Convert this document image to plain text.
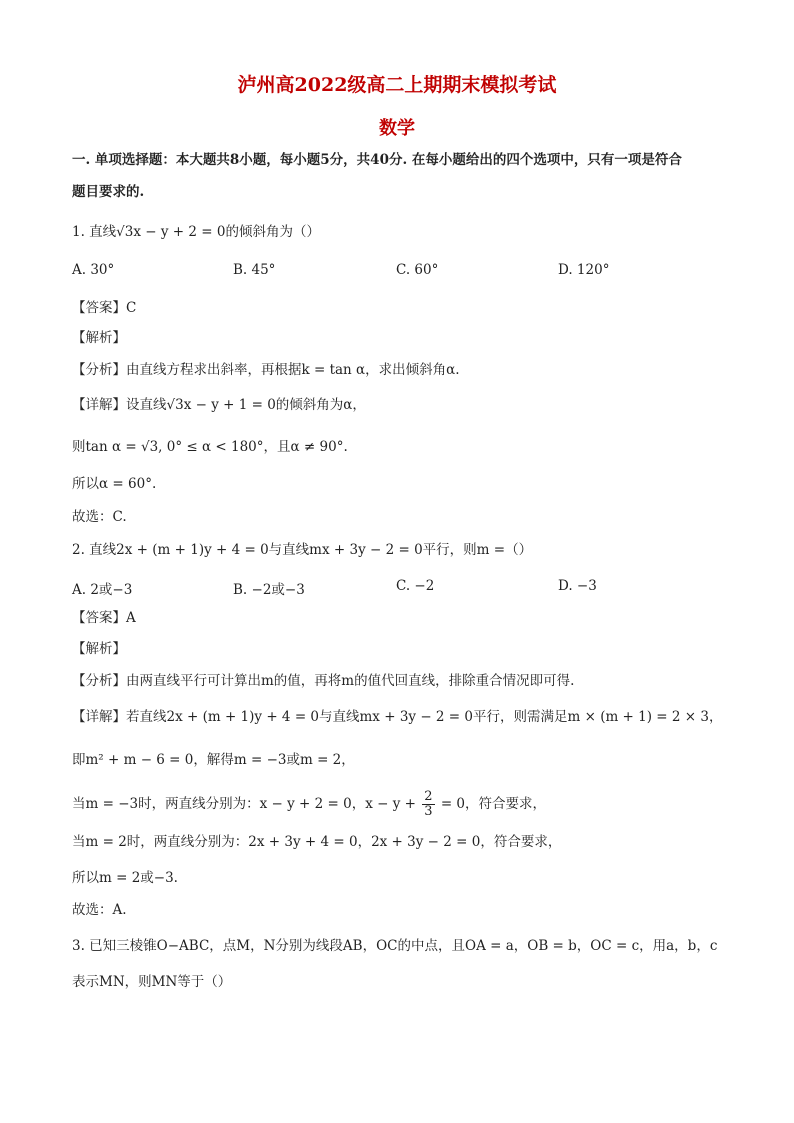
泸州高2022级高二上期期末模拟考试
数学
一. 单项选择题：本大题共8小题，每小题5分，共40分. 在每小题给出的四个选项中，只有一项是符合
题目要求的.
1. 直线√3x − y + 2 = 0的倾斜角为（）
A. 30°	B. 45°	C. 60°	D. 120°
【答案】C
【解析】
【分析】由直线方程求出斜率，再根据k = tan α，求出倾斜角α.
【详解】设直线√3x − y + 1 = 0的倾斜角为α，
则tan α = √3, 0° ≤ α < 180°，且α ≠ 90°.
所以α = 60°.
故选：C.
2. 直线2x + (m + 1)y + 4 = 0与直线mx + 3y − 2 = 0平行，则m =（）
A. 2或−3	B. −2或−3	C. −2	D. −3
【答案】A
【解析】
【分析】由两直线平行可计算出m的值，再将m的值代回直线，排除重合情况即可得.
【详解】若直线2x + (m + 1)y + 4 = 0与直线mx + 3y − 2 = 0平行，则需满足m × (m + 1) = 2 × 3，
即m² + m − 6 = 0，解得m = −3或m = 2，
当m = −3时，两直线分别为：x − y + 2 = 0，$x - y + \frac{2}{3} = 0$，符合要求，
当m = 2时，两直线分别为：2x + 3y + 4 = 0，2x + 3y − 2 = 0，符合要求，
所以m = 2或−3.
故选：A.
3. 已知三棱锥O−ABC，点M，N分别为线段AB，OC的中点，且OA = a，OB = b，OC = c，用a，b，c
表示MN，则MN等于（）
